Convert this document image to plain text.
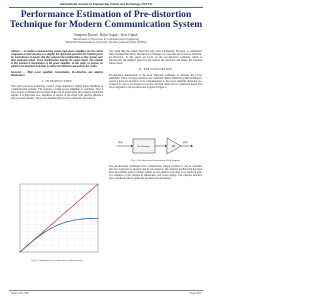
International Journal of Engineering Trends and Technology (IJETT)
Performance Estimation of Pre-distortion Technique for Modern Communication System
Sangeeta Rawat¹, Rajni Gupta², Jyoti Gupta³
¹Department of Electronics & Communication Engineering
Maharishi Markandeshwar University, Mullana (Ambala) (HR) (INDIA)

Abstract — In modern communication system, high power amplifiers are the central component as their function is to amplify the signal and generates the requisite power for transmission of signals. But they generate the nonlinearities as they operate near their saturation points. These nonlinearities degrade the output signal. The solution to this problem is linearization of the power amplifier. In this paper we propose an adaptive pre-distortion technique to reduce the distortion and analyze the results.

Keywords — High power amplifier, Linearization, Pre-distortion and adaptive linearization.

I. INTRODUCTION

This rapid growth in technology created a huge demand for highly linear amplifiers in communication systems. The response of high power amplifiers is nonlinear. Now a days modern communication systems make use of multicarrier and complex modulated signals. It is high time now, amplifiers as drivers of the signal with spectral efficiency and good performance. The power amplifier (PA) is most commonly used device.

Fig. 1: Output power vs. input power characteristic

very small then the output signal has only some nonlinearity. However, to compensate these nonlinearities many linearization techniques are used like feed forward, feedback, pre-distortion. In this paper we focus on the pre-distortion technique which is theoretically the simplest approach and reduces the distortion and makes the response almost linear.

II. PRE-DISTORTION

Pre-distortion linearization is the most important technique to linearize the power amplifiers. It has a strong potential to use wideband signals. Basically in this technique it creates a previous distortion curve complementary to the power amplifier distortion. So, if these two curves are situated in cascade, the final result will be completely linear. The block diagram for the pre-distortion is given in figure 2.

x(n)
Pre-distorter	PA
y(n)
Fig. 2: Pre-distortion linearization block diagram

The pre-distortion techniques have comparatively simple circuitry; it can be classified into two categories: i) adaptive and ii) non-adaptive. The adaptive predistortion has been most successfully used in cellular system. In non-adaptive type there is no feedback path, it is sensitive to the changes in temperature and power supply. The adaptive structure uses a feedback path to update the pre-distortion parameters.

ISSN: 2231-5381	Page 2091
